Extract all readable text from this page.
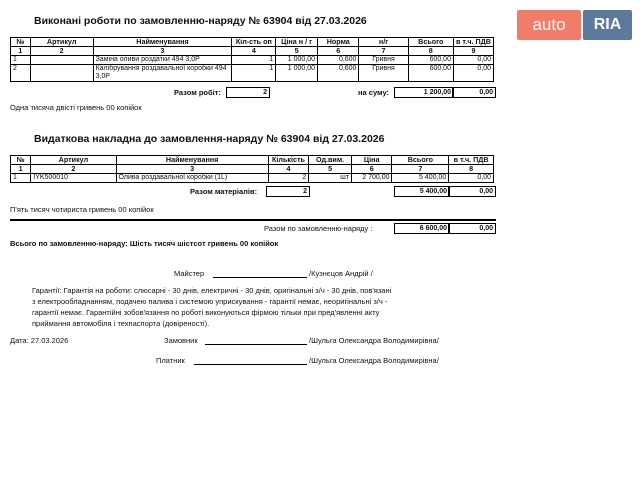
auto	RIA
Виконані роботи по замовленню-наряду № 63904 від 27.03.2026
№	Артикул	Найменування	Кіл-сть оп	Ціна н / г	Норма	н/г	Всього	в т.ч. ПДВ
1	2	3	4	5	6	7	8	9
1		Заміна оливи роздатки 494 3,0Р	1	1 000,00	0,600	Гривня	600,00	0,00
2		Калібрування роздавальної коробки 494 3,0Р	1	1 000,00	0,600	Гривня	600,00	0,00
Разом робіт:	2	на суму:	1 200,00	0,00
Одна тисяча двісті гривень 00 копійок
Видаткова накладна до замовлення-наряду № 63904 від 27.03.2026
№	Артикул	Найменування	Кількість	Од.вим.	Ціна	Всього	в т.ч. ПДВ
1	2	3	4	5	6	7	8
1	IYK500010	Олива роздавальної коробки (1L)	2	шт	2 700,00	5 400,00	0,00
Разом матеріалів:	2	5 400,00	0,00
П'ять тисяч чотириста гривень 00 копійок
Разом по замовленню-наряду :	6 600,00	0,00
Всього по замовленню-наряду: Шість тисяч шістсот гривень 00 копійок
Майстер	/Кузнєцов Андрій /
Гарантії: Гарантія на роботи: слюсарні - 30 днів, електричні - 30 днів, оригінальні з/ч - 30 днів, пов'язані
з електрообладнанням, подачею палива і системою уприскування - гарантії немає, неоригінальні з/ч -
гарантії немає. Гарантійні зобов'язання по роботі виконуються фірмою тільки при пред'явленні акту
приймання автомобіля і техпаспорта (довіреності).
Дата: 27.03.2026	Замовник	/Шульга Олександра Володимирівна/
Платник	/Шульга Олександра Володимирівна/
